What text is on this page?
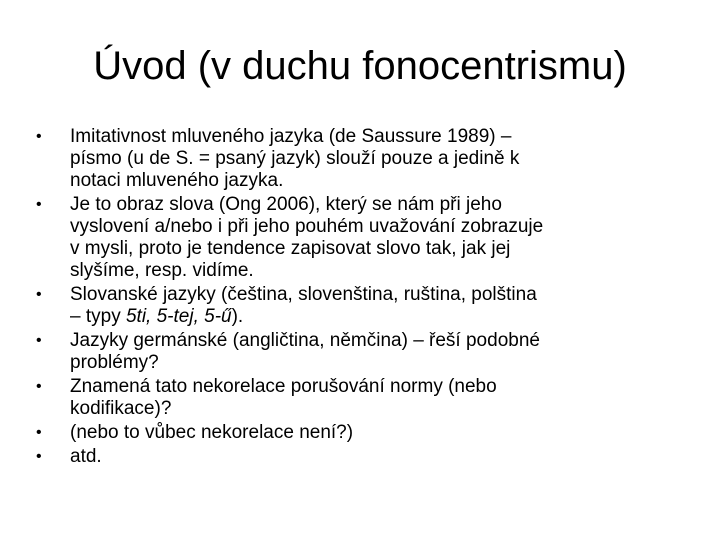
Úvod (v duchu fonocentrismu)
•	Imitativnost mluveného jazyka (de Saussure 1989) –
písmo (u de S. = psaný jazyk) slouží pouze a jedině k
notaci mluveného jazyka.
•	Je to obraz slova (Ong 2006), který se nám při jeho
vyslovení a/nebo i při jeho pouhém uvažování zobrazuje
v mysli, proto je tendence zapisovat slovo tak, jak jej
slyšíme, resp. vidíme.
•	Slovanské jazyky (čeština, slovenština, ruština, polština
– typy 5ti, 5-tej, 5-ű).
•	Jazyky germánské (angličtina, němčina) – řeší podobné
problémy?
•	Znamená tato nekorelace porušování normy (nebo
kodifikace)?
•	(nebo to vůbec nekorelace není?)
•	atd.
